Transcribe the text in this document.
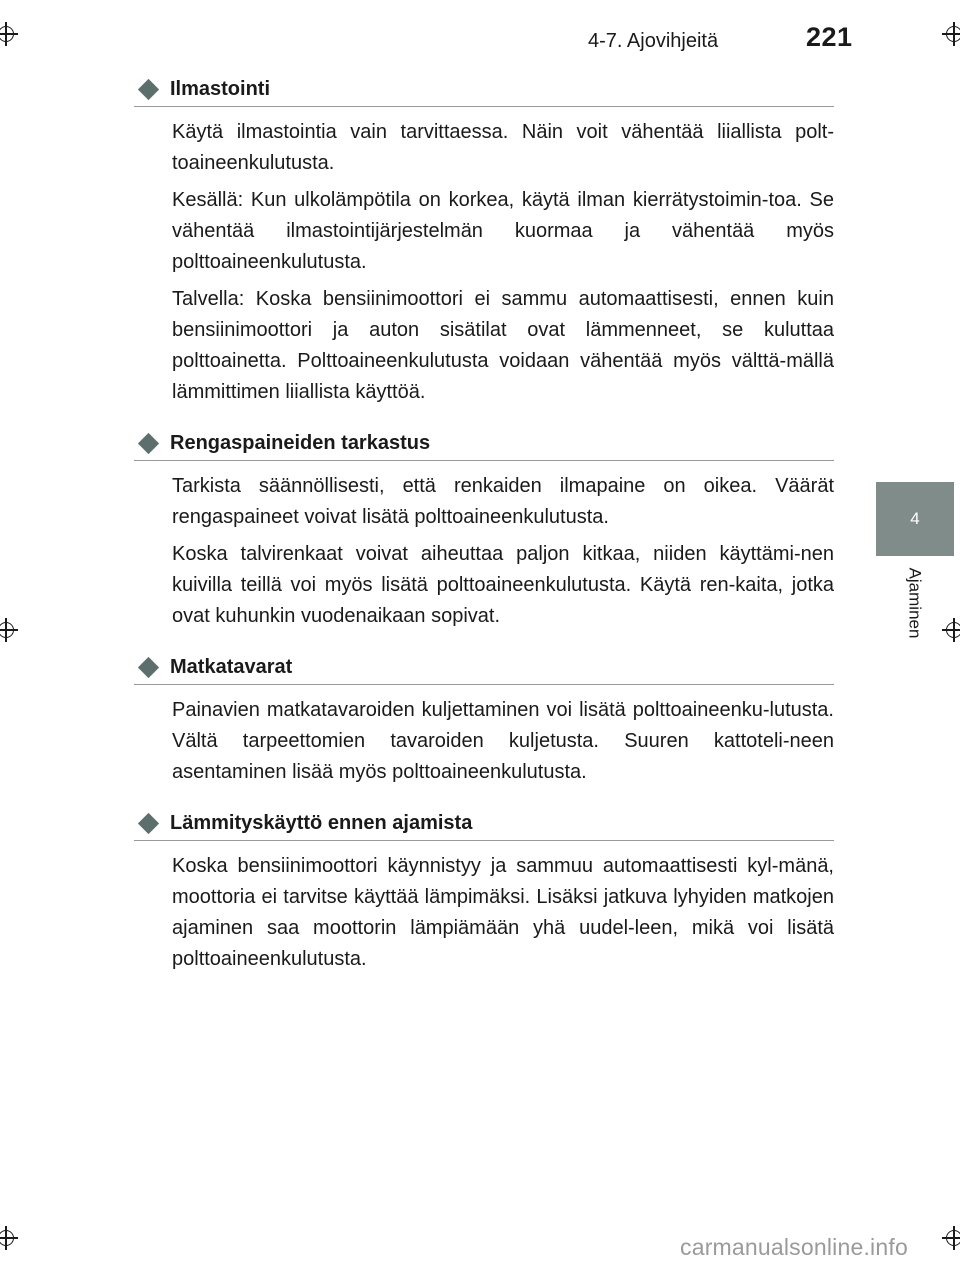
4-7. Ajovihjeitä	221
4
Ajaminen
Ilmastointi

Käytä ilmastointia vain tarvittaessa. Näin voit vähentää liiallista polt-toaineenkulutusta.

Kesällä: Kun ulkolämpötila on korkea, käytä ilman kierrätystoimin-toa. Se vähentää ilmastointijärjestelmän kuormaa ja vähentää myös polttoaineenkulutusta.

Talvella: Koska bensiinimoottori ei sammu automaattisesti, ennen kuin bensiinimoottori ja auton sisätilat ovat lämmenneet, se kuluttaa polttoainetta. Polttoaineenkulutusta voidaan vähentää myös välttä-mällä lämmittimen liiallista käyttöä.

Rengaspaineiden tarkastus

Tarkista säännöllisesti, että renkaiden ilmapaine on oikea. Väärät rengaspaineet voivat lisätä polttoaineenkulutusta.

Koska talvirenkaat voivat aiheuttaa paljon kitkaa, niiden käyttämi-nen kuivilla teillä voi myös lisätä polttoaineenkulutusta. Käytä ren-kaita, jotka ovat kuhunkin vuodenaikaan sopivat.

Matkatavarat

Painavien matkatavaroiden kuljettaminen voi lisätä polttoaineenku-lutusta. Vältä tarpeettomien tavaroiden kuljetusta. Suuren kattoteli-neen asentaminen lisää myös polttoaineenkulutusta.

Lämmityskäyttö ennen ajamista

Koska bensiinimoottori käynnistyy ja sammuu automaattisesti kyl-mänä, moottoria ei tarvitse käyttää lämpimäksi. Lisäksi jatkuva lyhyiden matkojen ajaminen saa moottorin lämpiämään yhä uudel-leen, mikä voi lisätä polttoaineenkulutusta.

carmanualsonline.info
